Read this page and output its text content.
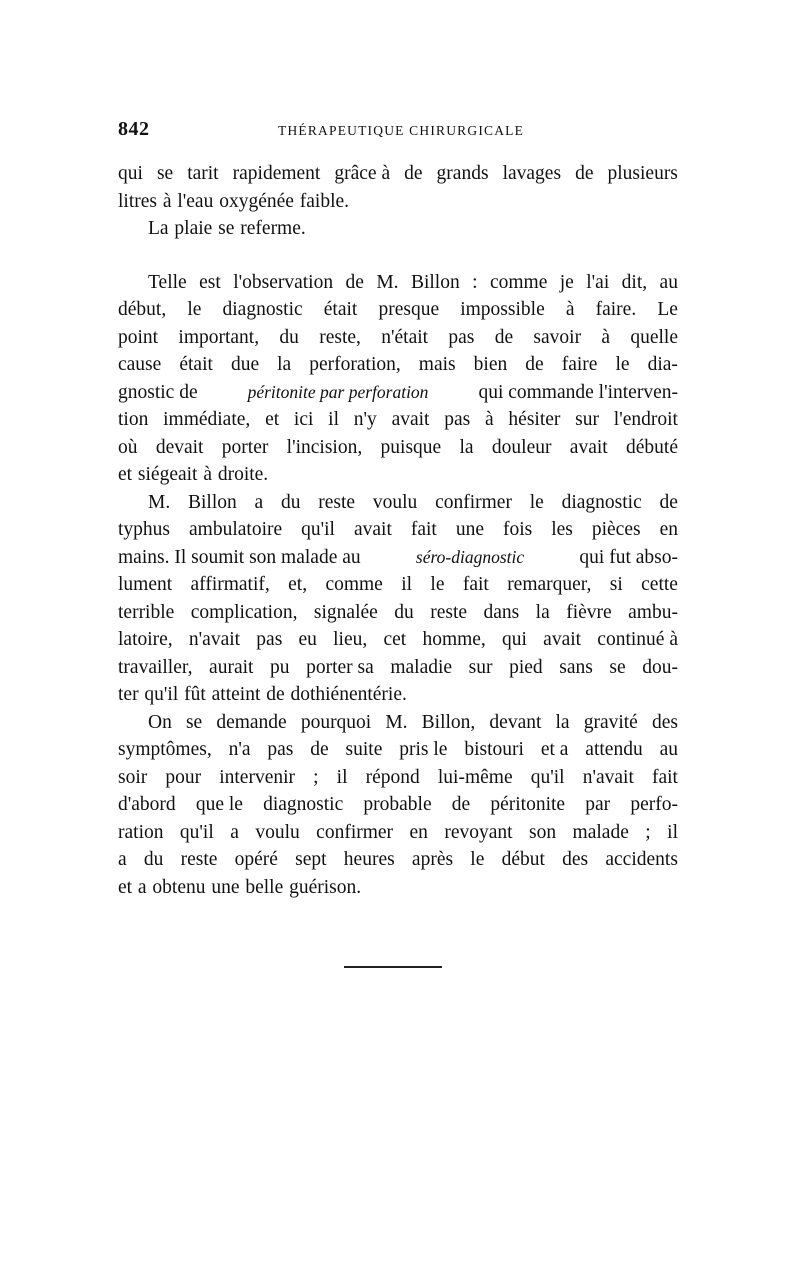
842	THÉRAPEUTIQUE CHIRURGICALE
qui se tarit rapidement grâce à de grands lavages de plusieurs
litres à l'eau oxygénée faible.
La plaie se referme.
Telle est l'observation de M. Billon : comme je l'ai dit, au
début, le diagnostic était presque impossible à faire. Le
point important, du reste, n'était pas de savoir à quelle
cause était due la perforation, mais bien de faire le dia-
gnostic de	péritonite par perforation	qui commande l'interven-
tion immédiate, et ici il n'y avait pas à hésiter sur l'endroit
où devait porter l'incision, puisque la douleur avait débuté
et siégeait à droite.
M. Billon a du reste voulu confirmer le diagnostic de
typhus ambulatoire qu'il avait fait une fois les pièces en
mains. Il soumit son malade au	séro-diagnostic	qui fut abso-
lument affirmatif, et, comme il le fait remarquer, si cette
terrible complication, signalée du reste dans la fièvre ambu-
latoire, n'avait pas eu lieu, cet homme, qui avait continué à
travailler, aurait pu porter sa maladie sur pied sans se dou-
ter qu'il fût atteint de dothiénentérie.
On se demande pourquoi M. Billon, devant la gravité des
symptômes, n'a pas de suite pris le bistouri et a attendu au
soir pour intervenir ; il répond lui-même qu'il n'avait fait
d'abord que le diagnostic probable de péritonite par perfo-
ration qu'il a voulu confirmer en revoyant son malade ; il
a du reste opéré sept heures après le début des accidents
et a obtenu une belle guérison.
